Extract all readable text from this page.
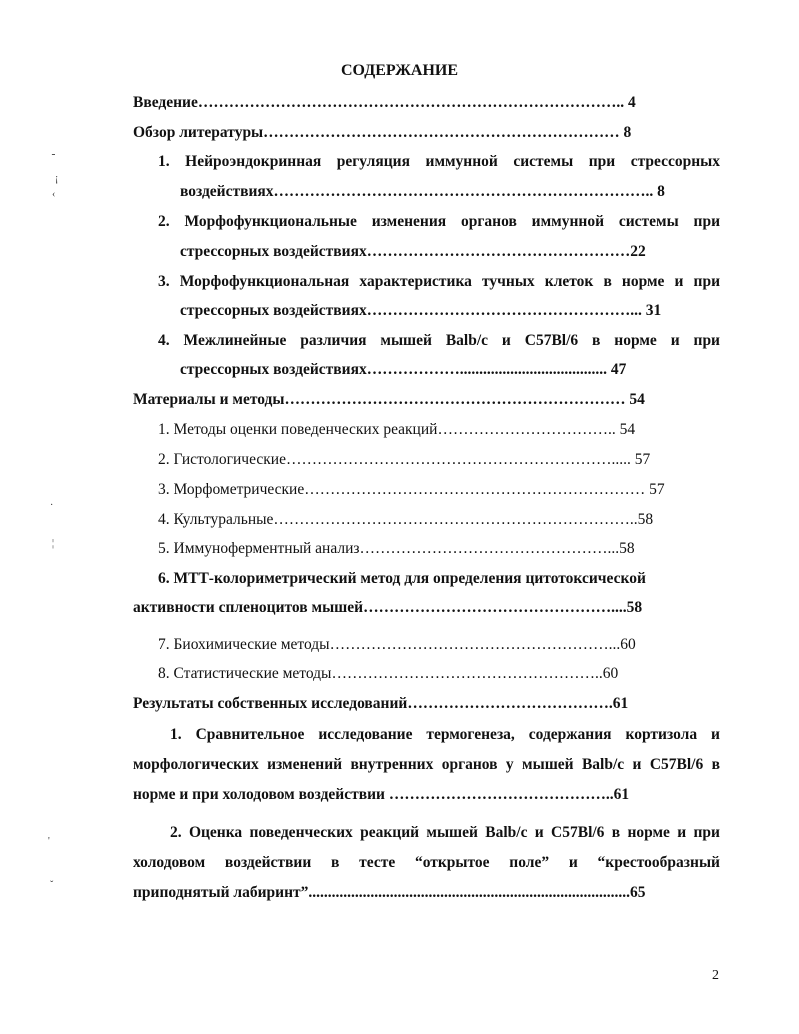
СОДЕРЖАНИЕ
Введение……………………………………………………………………….. 4
Обзор литературы…………………………………………………………… 8
1. Нейроэндокринная регуляция иммунной системы при стрессорных
воздействиях……………………………………………………………….. 8
2. Морфофункциональные изменения органов иммунной системы при
стрессорных воздействиях……………………………………………22
3. Морфофункциональная характеристика тучных клеток в норме и при
стрессорных воздействиях……………………………………………... 31
4. Межлинейные различия мышей Balb/c и C57Bl/6 в норме и при
стрессорных воздействиях………………...................................... 47
Материалы и методы………………………………………………………… 54
1. Методы оценки поведенческих реакций…………………………….. 54
2. Гистологические………………………………………………………..... 57
3. Морфометрические………………………………………………………… 57
4. Культуральные……………………………………………………………..58
5. Иммуноферментный анализ…………………………………………...58
6. МТТ-колориметрический метод для определения цитотоксической
активности спленоцитов мышей…………………………………………....58
7. Биохимические методы………………………………………………...60
8. Статистические методы……………………………………………..60
Результаты собственных исследований………………………………….61
1. Сравнительное исследование термогенеза, содержания кортизола и
морфологических изменений внутренних органов у мышей Balb/c и C57Bl/6 в
норме и при холодовом воздействии ……………………………………..61
2. Оценка поведенческих реакций мышей Balb/c и C57Bl/6 в норме и при
холодовом воздействии в тесте “открытое поле” и “крестообразный
приподнятый лабиринт”...................................................................................65
2
╴
¡
‹
·
¦
'
ˇ
